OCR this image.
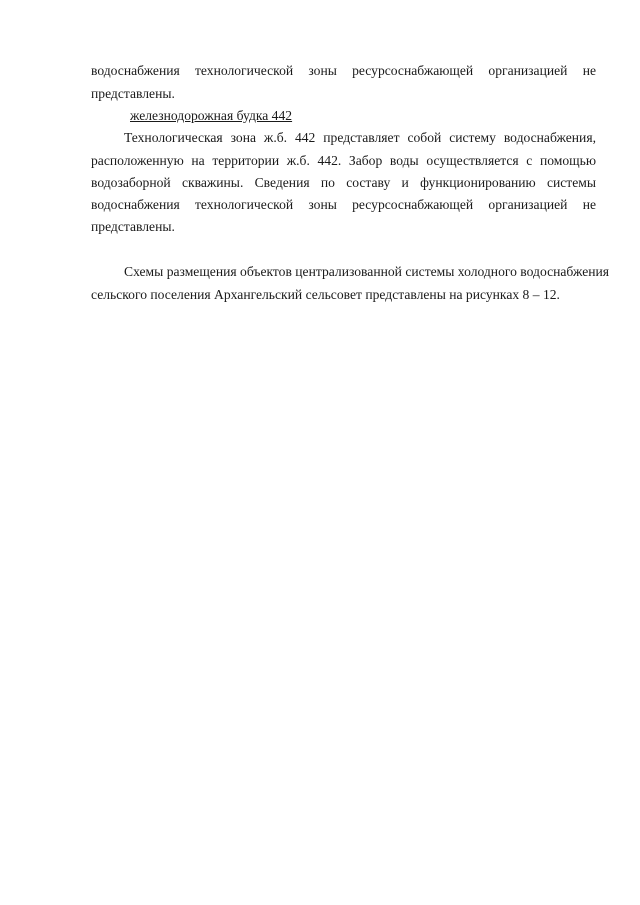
водоснабжения технологической зоны ресурсоснабжающей организацией не
представлены.
железнодорожная будка 442
Технологическая зона ж.б. 442 представляет собой систему водоснабжения,
расположенную на территории ж.б. 442. Забор воды осуществляется с помощью
водозаборной скважины. Сведения по составу и функционированию системы
водоснабжения технологической зоны ресурсоснабжающей организацией не
представлены.
Схемы размещения объектов централизованной системы холодного водоснабжения
сельского поселения Архангельский сельсовет представлены на рисунках 8 – 12.
